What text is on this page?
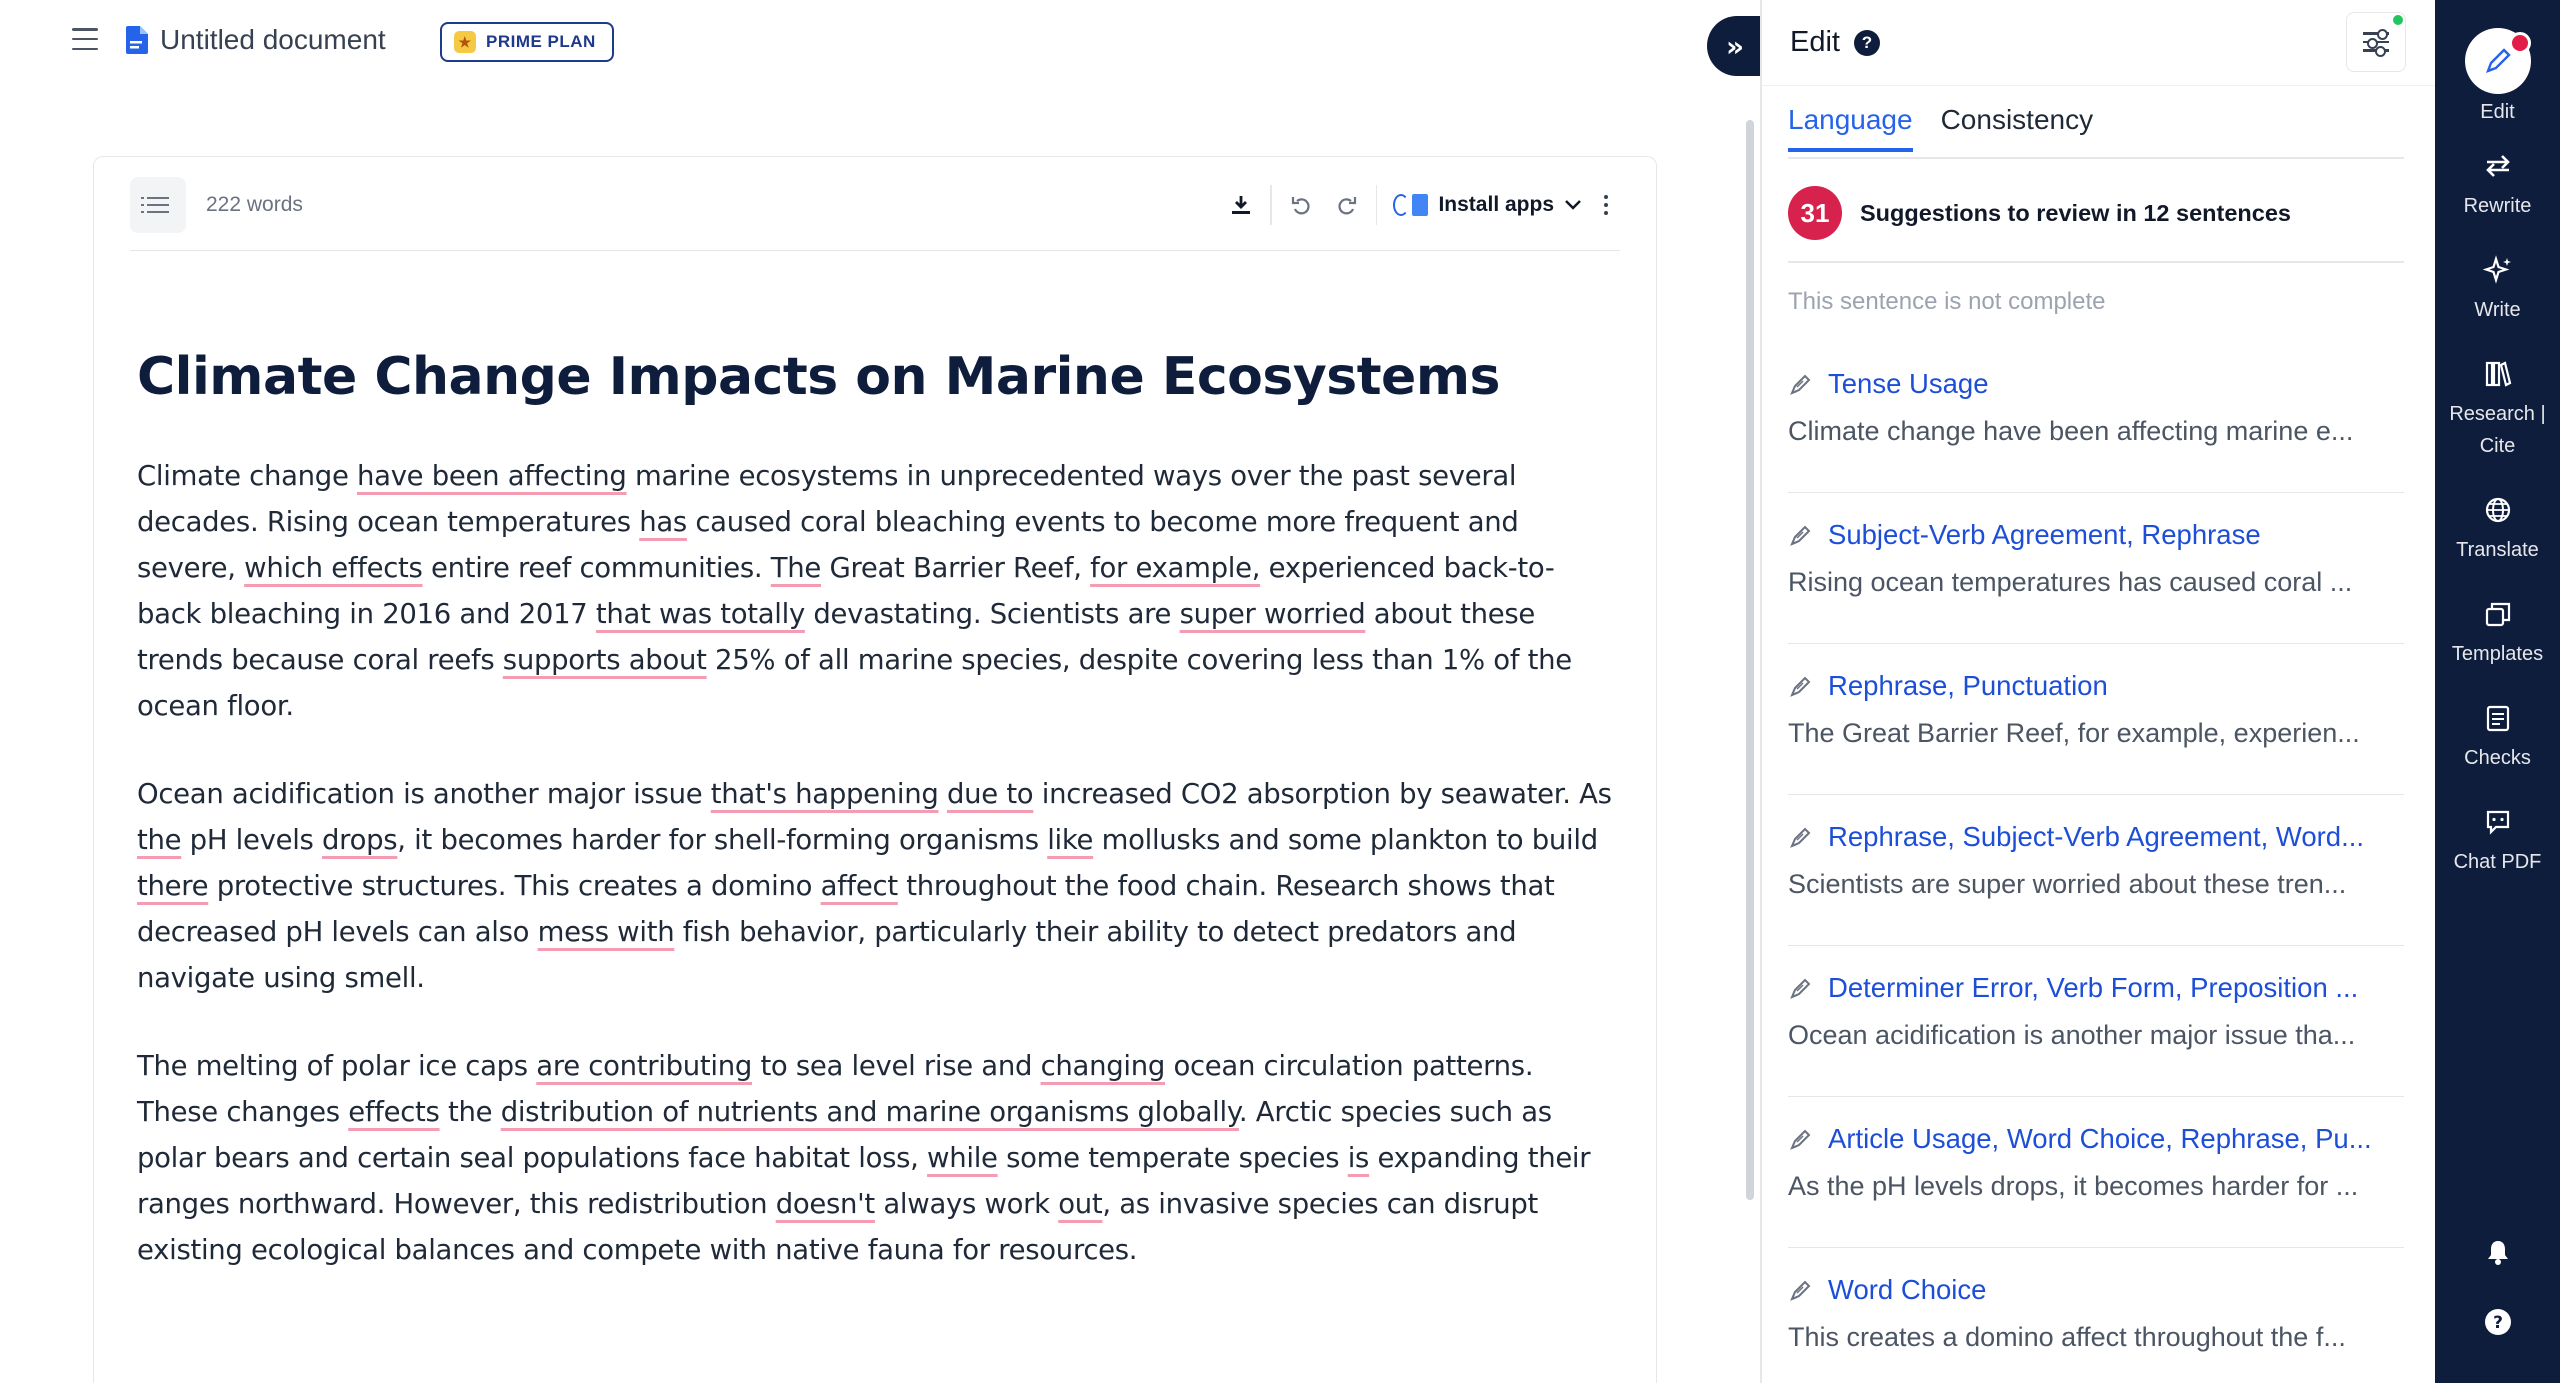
Untitled document	★ PRIME PLAN
222 words	Install apps
Climate Change Impacts on Marine Ecosystems

Climate change have been affecting marine ecosystems in unprecedented ways over the past several decades. Rising ocean temperatures has caused coral bleaching events to become more frequent and severe, which effects entire reef communities. The Great Barrier Reef, for example, experienced back-to-back bleaching in 2016 and 2017 that was totally devastating. Scientists are super worried about these trends because coral reefs supports about 25% of all marine species, despite covering less than 1% of the ocean floor.

Ocean acidification is another major issue that's happening due to increased CO2 absorption by seawater. As the pH levels drops, it becomes harder for shell-forming organisms like mollusks and some plankton to build there protective structures. This creates a domino affect throughout the food chain. Research shows that decreased pH levels can also mess with fish behavior, particularly their ability to detect predators and navigate using smell.

The melting of polar ice caps are contributing to sea level rise and changing ocean circulation patterns. These changes effects the distribution of nutrients and marine organisms globally. Arctic species such as polar bears and certain seal populations face habitat loss, while some temperate species is expanding their ranges northward. However, this redistribution doesn't always work out, as invasive species can disrupt existing ecological balances and compete with native fauna for resources.

»	Edit	?
Language Consistency
31	Suggestions to review in 12 sentences
This sentence is not complete
Tense Usage
Climate change have been affecting marine e...
Subject-Verb Agreement, Rephrase
Rising ocean temperatures has caused coral ...
Rephrase, Punctuation
The Great Barrier Reef, for example, experien...
Rephrase, Subject-Verb Agreement, Word...
Scientists are super worried about these tren...
Determiner Error, Verb Form, Preposition ...
Ocean acidification is another major issue tha...
Article Usage, Word Choice, Rephrase, Pu...
As the pH levels drops, it becomes harder for ...
Word Choice
This creates a domino affect throughout the f...
Edit
Rewrite
Write
Research |
Cite
Translate
Templates
Checks
Chat PDF
?
